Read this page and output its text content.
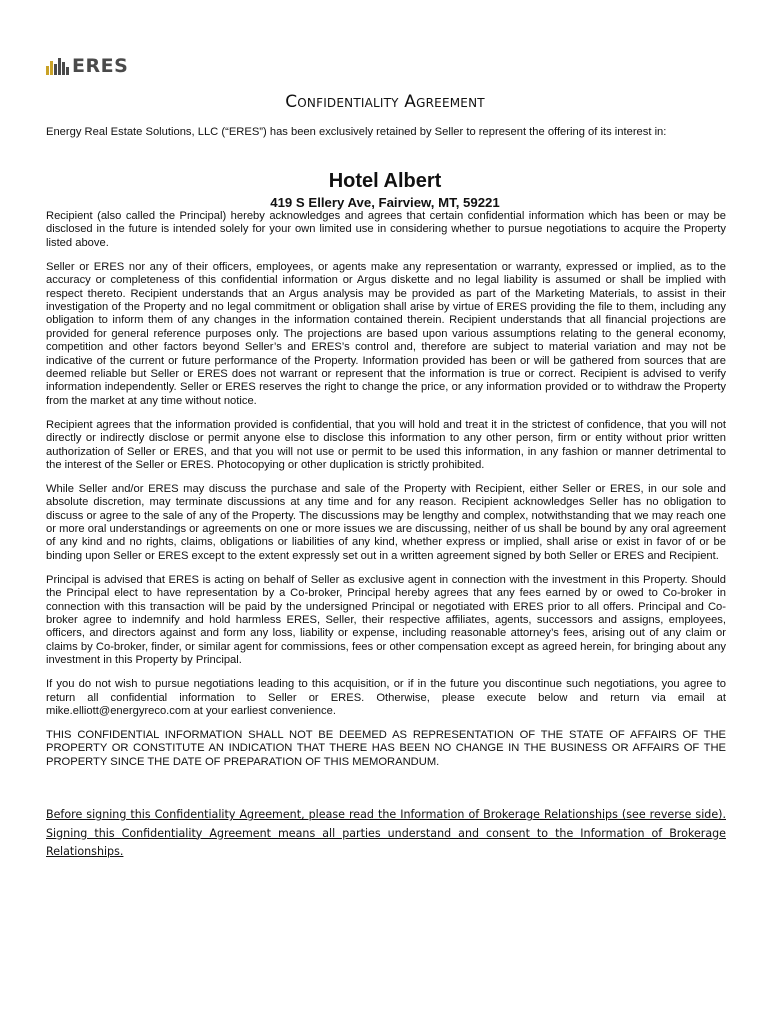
ERES
Confidentiality Agreement

Energy Real Estate Solutions, LLC (“ERES”) has been exclusively retained by Seller to represent the offering of its interest in:

Hotel Albert

419 S Ellery Ave, Fairview, MT, 59221

Recipient (also called the Principal) hereby acknowledges and agrees that certain confidential information which has been or may be disclosed in the future is intended solely for your own limited use in considering whether to pursue negotiations to acquire the Property listed above.

Seller or ERES nor any of their officers, employees, or agents make any representation or warranty, expressed or implied, as to the accuracy or completeness of this confidential information or Argus diskette and no legal liability is assumed or shall be implied with respect thereto. Recipient understands that an Argus analysis may be provided as part of the Marketing Materials, to assist in their investigation of the Property and no legal commitment or obligation shall arise by virtue of ERES providing the file to them, including any obligation to inform them of any changes in the information contained therein. Recipient understands that all financial projections are provided for general reference purposes only. The projections are based upon various assumptions relating to the general economy, competition and other factors beyond Seller’s and ERES’s control and, therefore are subject to material variation and may not be indicative of the current or future performance of the Property. Information provided has been or will be gathered from sources that are deemed reliable but Seller or ERES does not warrant or represent that the information is true or correct. Recipient is advised to verify information independently. Seller or ERES reserves the right to change the price, or any information provided or to withdraw the Property from the market at any time without notice.

Recipient agrees that the information provided is confidential, that you will hold and treat it in the strictest of confidence, that you will not directly or indirectly disclose or permit anyone else to disclose this information to any other person, firm or entity without prior written authorization of Seller or ERES, and that you will not use or permit to be used this information, in any fashion or manner detrimental to the interest of the Seller or ERES. Photocopying or other duplication is strictly prohibited.

While Seller and/or ERES may discuss the purchase and sale of the Property with Recipient, either Seller or ERES, in our sole and absolute discretion, may terminate discussions at any time and for any reason. Recipient acknowledges Seller has no obligation to discuss or agree to the sale of any of the Property. The discussions may be lengthy and complex, notwithstanding that we may reach one or more oral understandings or agreements on one or more issues we are discussing, neither of us shall be bound by any oral agreement of any kind and no rights, claims, obligations or liabilities of any kind, whether express or implied, shall arise or exist in favor of or be binding upon Seller or ERES except to the extent expressly set out in a written agreement signed by both Seller or ERES and Recipient.

Principal is advised that ERES is acting on behalf of Seller as exclusive agent in connection with the investment in this Property. Should the Principal elect to have representation by a Co-broker, Principal hereby agrees that any fees earned by or owed to Co-broker in connection with this transaction will be paid by the undersigned Principal or negotiated with ERES prior to all offers. Principal and Co-broker agree to indemnify and hold harmless ERES, Seller, their respective affiliates, agents, successors and assigns, employees, officers, and directors against and form any loss, liability or expense, including reasonable attorney’s fees, arising out of any claim or claims by Co-broker, finder, or similar agent for commissions, fees or other compensation except as agreed herein, for bringing about any investment in this Property by Principal.

If you do not wish to pursue negotiations leading to this acquisition, or if in the future you discontinue such negotiations, you agree to return all confidential information to Seller or ERES. Otherwise, please execute below and return via email at mike.elliott@energyreco.com at your earliest convenience.

THIS CONFIDENTIAL INFORMATION SHALL NOT BE DEEMED AS REPRESENTATION OF THE STATE OF AFFAIRS OF THE PROPERTY OR CONSTITUTE AN INDICATION THAT THERE HAS BEEN NO CHANGE IN THE BUSINESS OR AFFAIRS OF THE PROPERTY SINCE THE DATE OF PREPARATION OF THIS MEMORANDUM.

Before signing this Confidentiality Agreement, please read the Information of Brokerage Relationships (see reverse side). Signing this Confidentiality Agreement means all parties understand and consent to the Information of Brokerage Relationships.
